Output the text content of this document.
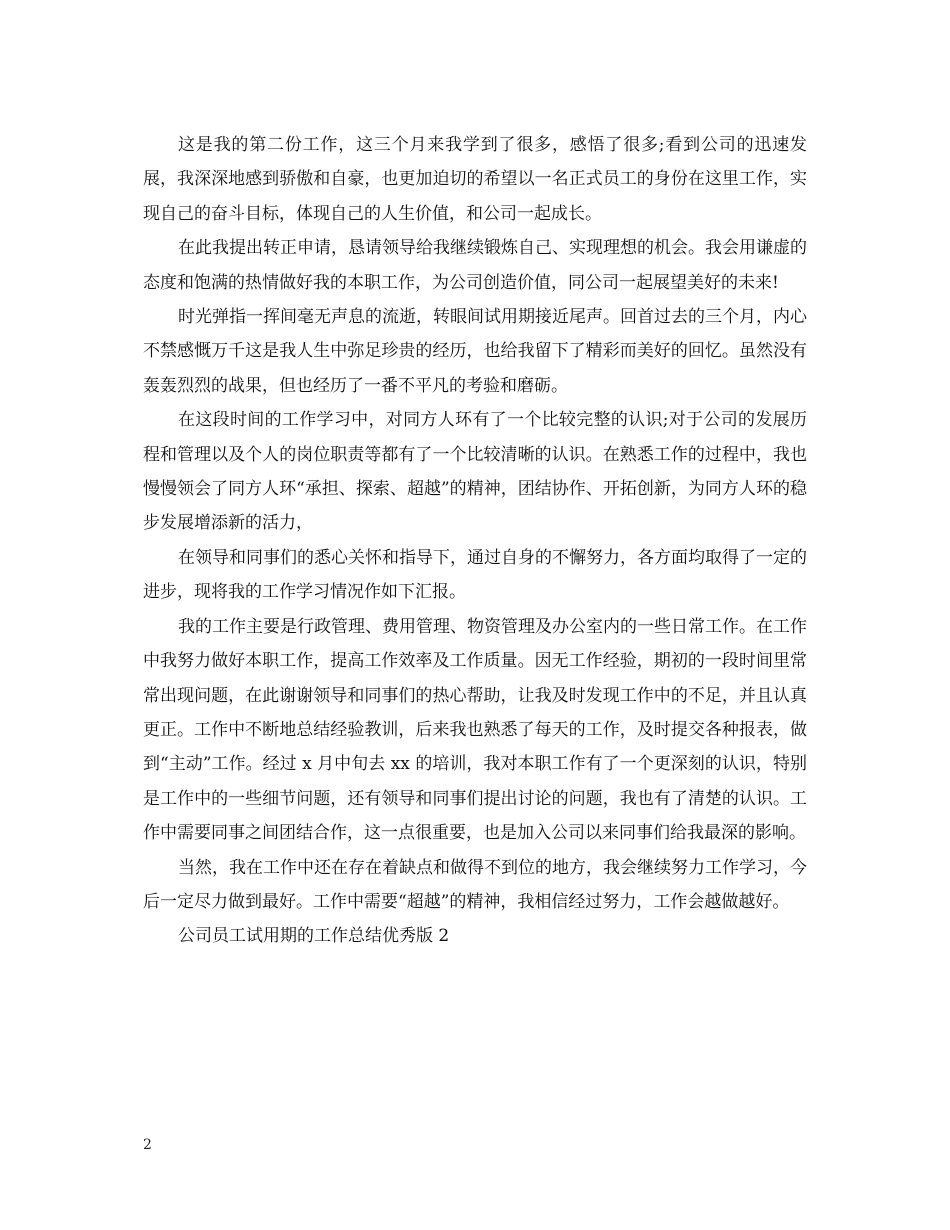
这是我的第二份工作，这三个月来我学到了很多，感悟了很多;看到公司的迅速发展，我深深地感到骄傲和自豪，也更加迫切的希望以一名正式员工的身份在这里工作，实现自己的奋斗目标，体现自己的人生价值，和公司一起成长。

在此我提出转正申请，恳请领导给我继续锻炼自己、实现理想的机会。我会用谦虚的态度和饱满的热情做好我的本职工作，为公司创造价值，同公司一起展望美好的未来!

时光弹指一挥间毫无声息的流逝，转眼间试用期接近尾声。回首过去的三个月，内心不禁感慨万千这是我人生中弥足珍贵的经历，也给我留下了精彩而美好的回忆。虽然没有轰轰烈烈的战果，但也经历了一番不平凡的考验和磨砺。

在这段时间的工作学习中，对同方人环有了一个比较完整的认识;对于公司的发展历程和管理以及个人的岗位职责等都有了一个比较清晰的认识。在熟悉工作的过程中，我也慢慢领会了同方人环“承担、探索、超越”的精神，团结协作、开拓创新，为同方人环的稳步发展增添新的活力，

在领导和同事们的悉心关怀和指导下，通过自身的不懈努力，各方面均取得了一定的进步，现将我的工作学习情况作如下汇报。

我的工作主要是行政管理、费用管理、物资管理及办公室内的一些日常工作。在工作中我努力做好本职工作，提高工作效率及工作质量。因无工作经验，期初的一段时间里常常出现问题，在此谢谢领导和同事们的热心帮助，让我及时发现工作中的不足，并且认真更正。工作中不断地总结经验教训，后来我也熟悉了每天的工作，及时提交各种报表，做到“主动”工作。经过 x 月中旬去 xx 的培训，我对本职工作有了一个更深刻的认识，特别是工作中的一些细节问题，还有领导和同事们提出讨论的问题，我也有了清楚的认识。工作中需要同事之间团结合作，这一点很重要，也是加入公司以来同事们给我最深的影响。

当然，我在工作中还在存在着缺点和做得不到位的地方，我会继续努力工作学习，今后一定尽力做到最好。工作中需要“超越”的精神，我相信经过努力，工作会越做越好。

公司员工试用期的工作总结优秀版 2

2
